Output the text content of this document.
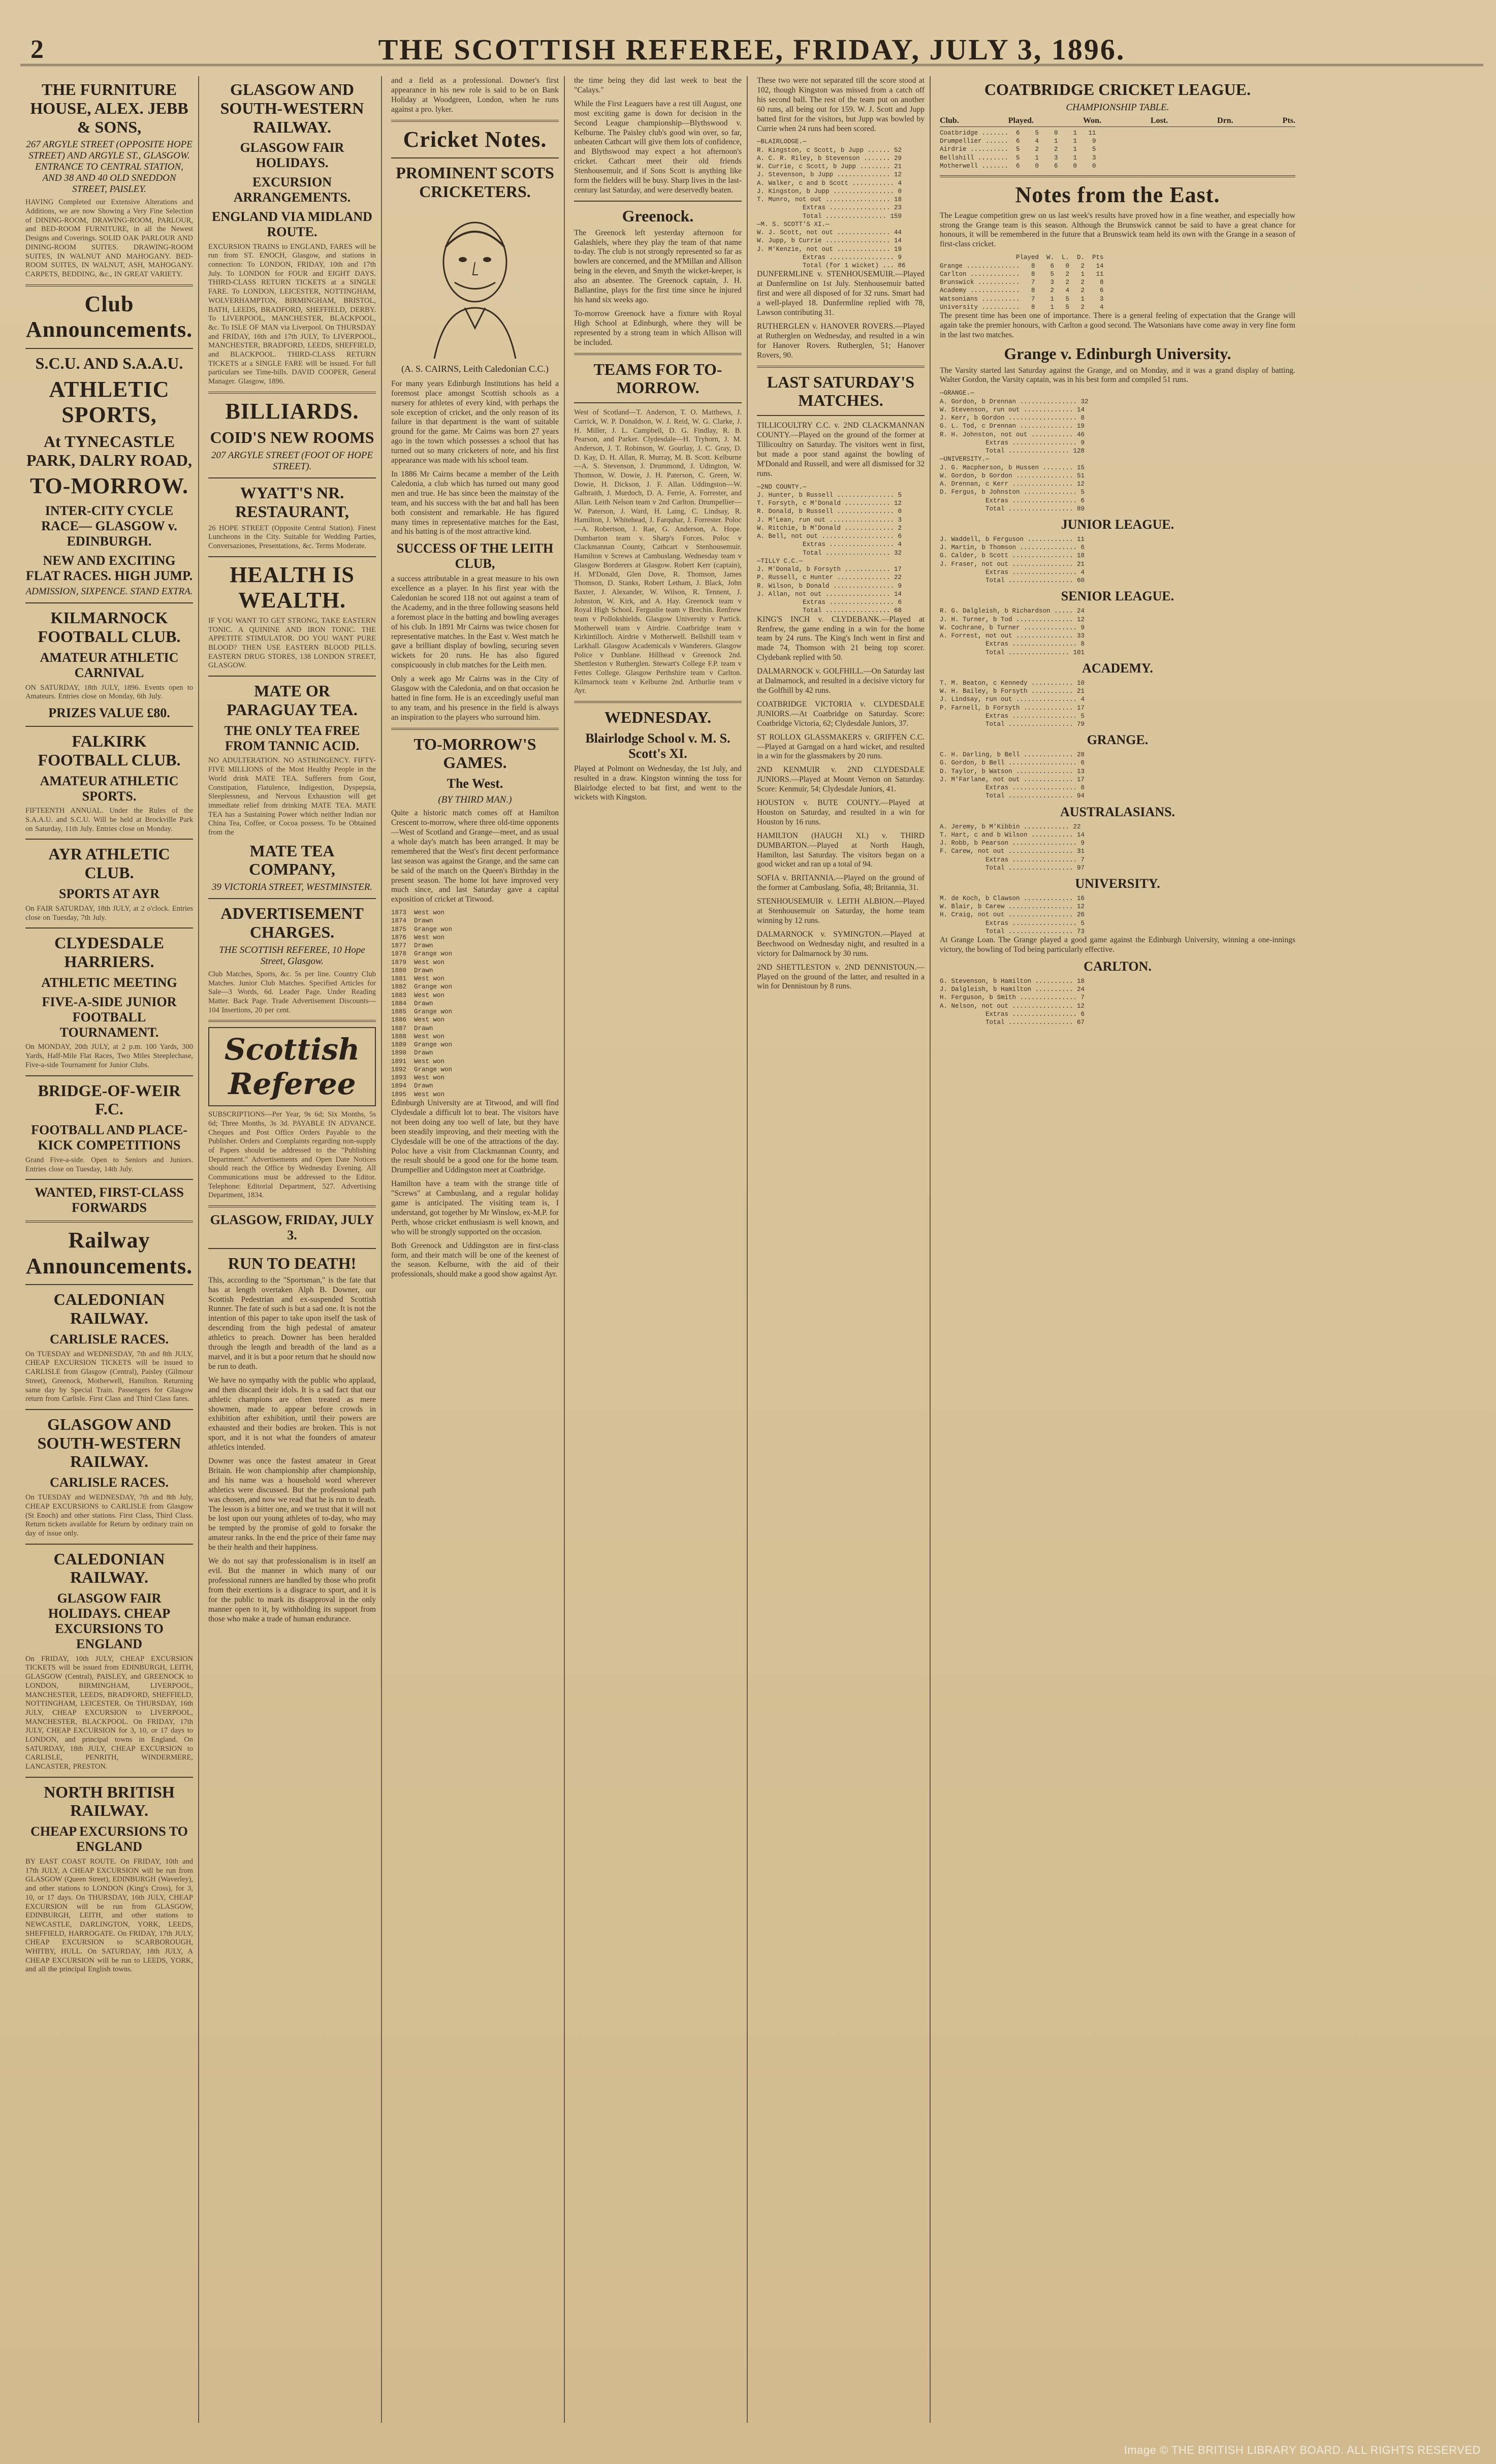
2	THE SCOTTISH REFEREE, FRIDAY, JULY 3, 1896.
THE FURNITURE HOUSE, ALEX. JEBB & SONS,
267 ARGYLE STREET (OPPOSITE HOPE STREET) AND ARGYLE ST., GLASGOW. ENTRANCE TO CENTRAL STATION, AND 38 AND 40 OLD SNEDDON STREET, PAISLEY.
HAVING Completed our Extensive Alterations and Additions, we are now Showing a Very Fine Selection of DINING-ROOM, DRAWING-ROOM, PARLOUR, and BED-ROOM FURNITURE, in all the Newest Designs and Coverings. SOLID OAK PARLOUR AND DINING-ROOM SUITES. DRAWING-ROOM SUITES, IN WALNUT AND MAHOGANY. BED-ROOM SUITES, IN WALNUT, ASH, MAHOGANY. CARPETS, BEDDING, &c., IN GREAT VARIETY.
Club Announcements.
S.C.U. AND S.A.A.U.
ATHLETIC SPORTS,
At TYNECASTLE PARK, DALRY ROAD,
TO-MORROW.
INTER-CITY CYCLE RACE— GLASGOW v. EDINBURGH.
NEW AND EXCITING FLAT RACES. HIGH JUMP.
ADMISSION, SIXPENCE. STAND EXTRA.
KILMARNOCK FOOTBALL CLUB.
AMATEUR ATHLETIC CARNIVAL
ON SATURDAY, 18th JULY, 1896. Events open to Amateurs. Entries close on Monday, 6th July.
PRIZES VALUE £80.
FALKIRK FOOTBALL CLUB.
AMATEUR ATHLETIC SPORTS.
FIFTEENTH ANNUAL. Under the Rules of the S.A.A.U. and S.C.U. Will be held at Brockville Park on Saturday, 11th July. Entries close on Monday.
AYR ATHLETIC CLUB.
SPORTS AT AYR
On FAIR SATURDAY, 18th JULY, at 2 o'clock. Entries close on Tuesday, 7th July.
CLYDESDALE HARRIERS.
ATHLETIC MEETING
FIVE-A-SIDE JUNIOR FOOTBALL TOURNAMENT.
On MONDAY, 20th JULY, at 2 p.m. 100 Yards, 300 Yards, Half-Mile Flat Races, Two Miles Steeplechase, Five-a-side Tournament for Junior Clubs.
BRIDGE-OF-WEIR F.C.
FOOTBALL AND PLACE-KICK COMPETITIONS
Grand Five-a-side. Open to Seniors and Juniors. Entries close on Tuesday, 14th July.
WANTED, FIRST-CLASS FORWARDS
Railway Announcements.
CALEDONIAN RAILWAY.
CARLISLE RACES.
On TUESDAY and WEDNESDAY, 7th and 8th JULY, CHEAP EXCURSION TICKETS will be issued to CARLISLE from Glasgow (Central), Paisley (Gilmour Street), Greenock, Motherwell, Hamilton. Returning same day by Special Train. Passengers for Glasgow return from Carlisle. First Class and Third Class fares.
GLASGOW AND SOUTH-WESTERN RAILWAY.
CARLISLE RACES.
On TUESDAY and WEDNESDAY, 7th and 8th July, CHEAP EXCURSIONS to CARLISLE from Glasgow (St Enoch) and other stations. First Class, Third Class. Return tickets available for Return by ordinary train on day of issue only.
CALEDONIAN RAILWAY.
GLASGOW FAIR HOLIDAYS. CHEAP EXCURSIONS TO ENGLAND
On FRIDAY, 10th JULY, CHEAP EXCURSION TICKETS will be issued from EDINBURGH, LEITH, GLASGOW (Central), PAISLEY, and GREENOCK to LONDON, BIRMINGHAM, LIVERPOOL, MANCHESTER, LEEDS, BRADFORD, SHEFFIELD, NOTTINGHAM, LEICESTER. On THURSDAY, 16th JULY, CHEAP EXCURSION to LIVERPOOL, MANCHESTER, BLACKPOOL. On FRIDAY, 17th JULY, CHEAP EXCURSION for 3, 10, or 17 days to LONDON, and principal towns in England. On SATURDAY, 18th JULY, CHEAP EXCURSION to CARLISLE, PENRITH, WINDERMERE, LANCASTER, PRESTON.
NORTH BRITISH RAILWAY.
CHEAP EXCURSIONS TO ENGLAND
BY EAST COAST ROUTE. On FRIDAY, 10th and 17th JULY, A CHEAP EXCURSION will be run from GLASGOW (Queen Street), EDINBURGH (Waverley), and other stations to LONDON (King's Cross), for 3, 10, or 17 days. On THURSDAY, 16th JULY, CHEAP EXCURSION will be run from GLASGOW, EDINBURGH, LEITH, and other stations to NEWCASTLE, DARLINGTON, YORK, LEEDS, SHEFFIELD, HARROGATE. On FRIDAY, 17th JULY, CHEAP EXCURSION to SCARBOROUGH, WHITBY, HULL. On SATURDAY, 18th JULY, A CHEAP EXCURSION will be run to LEEDS, YORK, and all the principal English towns.
GLASGOW AND SOUTH-WESTERN RAILWAY.
GLASGOW FAIR HOLIDAYS.
EXCURSION ARRANGEMENTS.
ENGLAND VIA MIDLAND ROUTE.
EXCURSION TRAINS to ENGLAND, FARES will be run from ST. ENOCH, Glasgow, and stations in connection: To LONDON, FRIDAY, 10th and 17th July. To LONDON for FOUR and EIGHT DAYS. THIRD-CLASS RETURN TICKETS at a SINGLE FARE. To LONDON, LEICESTER, NOTTINGHAM, WOLVERHAMPTON, BIRMINGHAM, BRISTOL, BATH, LEEDS, BRADFORD, SHEFFIELD, DERBY. To LIVERPOOL, MANCHESTER, BLACKPOOL, &c. To ISLE OF MAN via Liverpool. On THURSDAY and FRIDAY, 16th and 17th JULY, To LIVERPOOL, MANCHESTER, BRADFORD, LEEDS, SHEFFIELD, and BLACKPOOL. THIRD-CLASS RETURN TICKETS at a SINGLE FARE will be issued. For full particulars see Time-bills. DAVID COOPER, General Manager. Glasgow, 1896.
BILLIARDS.
COID'S NEW ROOMS
207 ARGYLE STREET (FOOT OF HOPE STREET).
WYATT'S NR. RESTAURANT,
26 HOPE STREET (Opposite Central Station). Finest Luncheons in the City. Suitable for Wedding Parties, Conversaziones, Presentations, &c. Terms Moderate.
HEALTH IS WEALTH.
IF YOU WANT TO GET STRONG, TAKE EASTERN TONIC. A QUININE AND IRON TONIC. THE APPETITE STIMULATOR. DO YOU WANT PURE BLOOD? THEN USE EASTERN BLOOD PILLS. EASTERN DRUG STORES, 138 LONDON STREET, GLASGOW.
MATE OR PARAGUAY TEA.
THE ONLY TEA FREE FROM TANNIC ACID.
NO ADULTERATION. NO ASTRINGENCY. FIFTY-FIVE MILLIONS of the Most Healthy People in the World drink MATE TEA. Sufferers from Gout, Constipation, Flatulence, Indigestion, Dyspepsia, Sleeplessness, and Nervous Exhaustion will get immediate relief from drinking MATE TEA. MATE TEA has a Sustaining Power which neither Indian nor China Tea, Coffee, or Cocoa possess. To be Obtained from the
MATE TEA COMPANY,
39 VICTORIA STREET, WESTMINSTER.
ADVERTISEMENT CHARGES.
THE SCOTTISH REFEREE, 10 Hope Street, Glasgow.
Club Matches, Sports, &c. 5s per line. Country Club Matches. Junior Club Matches. Specified Articles for Sale—3 Words, 6d. Leader Page. Under Reading Matter. Back Page. Trade Advertisement Discounts—104 Insertions, 20 per cent.
Scottish Referee
SUBSCRIPTIONS—Per Year, 9s 6d; Six Months, 5s 6d; Three Months, 3s 3d. PAYABLE IN ADVANCE. Cheques and Post Office Orders Payable to the Publisher. Orders and Complaints regarding non-supply of Papers should be addressed to the "Publishing Department." Advertisements and Open Date Notices should reach the Office by Wednesday Evening. All Communications must be addressed to the Editor. Telephone: Editorial Department, 527. Advertising Department, 1834.
GLASGOW, FRIDAY, JULY 3.
RUN TO DEATH!
This, according to the "Sportsman," is the fate that has at length overtaken Alph B. Downer, our Scottish Pedestrian and ex-suspended Scottish Runner. The fate of such is but a sad one. It is not the intention of this paper to take upon itself the task of descending from the high pedestal of amateur athletics to preach. Downer has been heralded through the length and breadth of the land as a marvel, and it is but a poor return that he should now be run to death.
We have no sympathy with the public who applaud, and then discard their idols. It is a sad fact that our athletic champions are often treated as mere showmen, made to appear before crowds in exhibition after exhibition, until their powers are exhausted and their bodies are broken. This is not sport, and it is not what the founders of amateur athletics intended.
Downer was once the fastest amateur in Great Britain. He won championship after championship, and his name was a household word wherever athletics were discussed. But the professional path was chosen, and now we read that he is run to death. The lesson is a bitter one, and we trust that it will not be lost upon our young athletes of to-day, who may be tempted by the promise of gold to forsake the amateur ranks. In the end the price of their fame may be their health and their happiness.
We do not say that professionalism is in itself an evil. But the manner in which many of our professional runners are handled by those who profit from their exertions is a disgrace to sport, and it is for the public to mark its disapproval in the only manner open to it, by withholding its support from those who make a trade of human endurance.
and a field as a professional. Downer's first appearance in his new role is said to be on Bank Holiday at Woodgreen, London, when he runs against a pro. lyker.
Cricket Notes.
PROMINENT SCOTS CRICKETERS.
(A. S. CAIRNS, Leith Caledonian C.C.)
For many years Edinburgh Institutions has held a foremost place amongst Scottish schools as a nursery for athletes of every kind, with perhaps the sole exception of cricket, and the only reason of its failure in that department is the want of suitable ground for the game. Mr Cairns was born 27 years ago in the town which possesses a school that has turned out so many cricketers of note, and his first appearance was made with his school team.
In 1886 Mr Cairns became a member of the Leith Caledonia, a club which has turned out many good men and true. He has since been the mainstay of the team, and his success with the bat and ball has been both consistent and remarkable. He has figured many times in representative matches for the East, and his batting is of the most attractive kind.
SUCCESS OF THE LEITH CLUB,
a success attributable in a great measure to his own excellence as a player. In his first year with the Caledonian he scored 118 not out against a team of the Academy, and in the three following seasons held a foremost place in the batting and bowling averages of his club. In 1891 Mr Cairns was twice chosen for representative matches. In the East v. West match he gave a brilliant display of bowling, securing seven wickets for 20 runs. He has also figured conspicuously in club matches for the Leith men.
Only a week ago Mr Cairns was in the City of Glasgow with the Caledonia, and on that occasion he batted in fine form. He is an exceedingly useful man to any team, and his presence in the field is always an inspiration to the players who surround him.
TO-MORROW'S GAMES.
The West.
(BY THIRD MAN.)
Quite a historic match comes off at Hamilton Crescent to-morrow, where three old-time opponents—West of Scotland and Grange—meet, and as usual a whole day's match has been arranged. It may be remembered that the West's first decent performance last season was against the Grange, and the same can be said of the match on the Queen's Birthday in the present season. The home lot have improved very much since, and last Saturday gave a capital exposition of cricket at Titwood.
1873  West won
1874  Drawn
1875  Grange won
1876  West won
1877  Drawn
1878  Grange won
1879  West won
1880  Drawn
1881  West won
1882  Grange won
1883  West won
1884  Drawn
1885  Grange won
1886  West won
1887  Drawn
1888  West won
1889  Grange won
1890  Drawn
1891  West won
1892  Grange won
1893  West won
1894  Drawn
1895  West won
Edinburgh University are at Titwood, and will find Clydesdale a difficult lot to beat. The visitors have not been doing any too well of late, but they have been steadily improving, and their meeting with the Clydesdale will be one of the attractions of the day. Poloc have a visit from Clackmannan County, and the result should be a good one for the home team. Drumpellier and Uddingston meet at Coatbridge.
Hamilton have a team with the strange title of "Screws" at Cambuslang, and a regular holiday game is anticipated. The visiting team is, I understand, got together by Mr Winslow, ex-M.P. for Perth, whose cricket enthusiasm is well known, and who will be strongly supported on the occasion.
Both Greenock and Uddingston are in first-class form, and their match will be one of the keenest of the season. Kelburne, with the aid of their professionals, should make a good show against Ayr.
the time being they did last week to beat the "Calays."
While the First Leaguers have a rest till August, one most exciting game is down for decision in the Second League championship—Blythswood v. Kelburne. The Paisley club's good win over, so far, unbeaten Cathcart will give them lots of confidence, and Blythswood may expect a hot afternoon's cricket. Cathcart meet their old friends Stenhousemuir, and if Sons Scott is anything like form the fielders will be busy. Sharp lives in the last-century last Saturday, and were deservedly beaten.
Greenock.
The Greenock left yesterday afternoon for Galashiels, where they play the team of that name to-day. The club is not strongly represented so far as bowlers are concerned, and the M'Millan and Allison being in the eleven, and Smyth the wicket-keeper, is also an absentee. The Greenock captain, J. H. Ballantine, plays for the first time since he injured his hand six weeks ago.
To-morrow Greenock have a fixture with Royal High School at Edinburgh, where they will be represented by a strong team in which Allison will be included.
TEAMS FOR TO-MORROW.
West of Scotland—T. Anderson, T. O. Matthews, J. Carrick, W. P. Donaldson, W. J. Reid, W. G. Clarke, J. H. Miller, J. L. Campbell, D. G. Findlay, R. B. Pearson, and Parker. Clydesdale—H. Tryhorn, J. M. Anderson, J. T. Robinson, W. Gourlay, J. C. Gray, D. D. Kay, D. H. Allan, R. Murray, M. B. Scott. Kelburne—A. S. Stevenson, J. Drummond, J. Udington, W. Thomson, W. Dowie, J. H. Paterson, C. Green, W. Dowie, H. Dickson, J. F. Allan. Uddingston—W. Galbraith, J. Murdoch, D. A. Ferrie, A. Forrester, and Allan. Leith Nelson team v 2nd Carlton. Drumpellier—W. Paterson, J. Ward, H. Laing, C. Lindsay, R. Hamilton, J. Whitehead, J. Farquhar, J. Forrester. Poloc—A. Robertson, J. Rae, G. Anderson, A. Hope. Dumbarton team v. Sharp's Forces. Poloc v Clackmannan County, Cathcart v Stenhousemuir. Hamilton v Screws at Cambuslang. Wednesday team v Glasgow Borderers at Glasgow. Robert Kerr (captain), H. M'Donald, Glen Dove, R. Thomson, James Thomson, D. Stanks, Robert Letham, J. Black, John Baxter, J. Alexander, W. Wilson, R. Tennent, J. Johnston, W. Kirk, and A. Hay. Greenock team v Royal High School. Ferguslie team v Brechin. Renfrew team v Pollokshields. Glasgow University v Partick. Motherwell team v Airdrie. Coatbridge team v Kirkintilloch. Airdrie v Motherwell. Bellshill team v Larkhall. Glasgow Academicals v Wanderers. Glasgow Police v Dunblane. Hillhead v Greenock 2nd. Shettleston v Rutherglen. Stewart's College F.P. team v Fettes College. Glasgow Perthshire team v Carlton. Kilmarnock team v Kelburne 2nd. Arthurlie team v Ayr.
WEDNESDAY.
Blairlodge School v. M. S. Scott's XI.
Played at Polmont on Wednesday, the 1st July, and resulted in a draw. Kingston winning the toss for Blairlodge elected to bat first, and went to the wickets with Kingston.
These two were not separated till the score stood at 102, though Kingston was missed from a catch off his second ball. The rest of the team put on another 60 runs, all being out for 159. W. J. Scott and Jupp batted first for the visitors, but Jupp was bowled by Currie when 24 runs had been scored.
—BLAIRLODGE.—
R. Kingston, c Scott, b Jupp ...... 52
A. C. R. Riley, b Stevenson ....... 29
W. Currie, c Scott, b Jupp ........ 21
J. Stevenson, b Jupp .............. 12
A. Walker, c and b Scott ........... 4
J. Kingston, b Jupp ................ 0
T. Munro, not out ................. 18
Extras ................ 23
Total ................ 159
—M. S. SCOTT'S XI.—
W. J. Scott, not out .............. 44
W. Jupp, b Currie ................. 14
J. M'Kenzie, not out .............. 19
Extras ................. 9
Total (for 1 wicket) ... 86
DUNFERMLINE v. STENHOUSEMUIR.—Played at Dunfermline on 1st July. Stenhousemuir batted first and were all disposed of for 32 runs. Smart had a well-played 18. Dunfermline replied with 78, Lawson contributing 31.
RUTHERGLEN v. HANOVER ROVERS.—Played at Rutherglen on Wednesday, and resulted in a win for Hanover Rovers. Rutherglen, 51; Hanover Rovers, 90.
LAST SATURDAY'S MATCHES.
TILLICOULTRY C.C. v. 2ND CLACKMANNAN COUNTY.—Played on the ground of the former at Tillicoultry on Saturday. The visitors went in first, but made a poor stand against the bowling of M'Donald and Russell, and were all dismissed for 32 runs.
—2ND COUNTY.—
J. Hunter, b Russell ............... 5
T. Forsyth, c M'Donald ............ 12
R. Donald, b Russell ............... 0
J. M'Lean, run out ................. 3
W. Ritchie, b M'Donald ............. 2
A. Bell, not out ................... 6
Extras ................. 4
Total ................. 32
—TILLY C.C.—
J. M'Donald, b Forsyth ............ 17
P. Russell, c Hunter .............. 22
R. Wilson, b Donald ................ 9
J. Allan, not out ................. 14
Extras ................. 6
Total ................. 68
KING'S INCH v. CLYDEBANK.—Played at Renfrew, the game ending in a win for the home team by 24 runs. The King's Inch went in first and made 74, Thomson with 21 being top scorer. Clydebank replied with 50.
DALMARNOCK v. GOLFHILL.—On Saturday last at Dalmarnock, and resulted in a decisive victory for the Golfhill by 42 runs.
COATBRIDGE VICTORIA v. CLYDESDALE JUNIORS.—At Coatbridge on Saturday. Score: Coatbridge Victoria, 62; Clydesdale Juniors, 37.
ST ROLLOX GLASSMAKERS v. GRIFFEN C.C.—Played at Garngad on a hard wicket, and resulted in a win for the glassmakers by 20 runs.
2ND KENMUIR v. 2ND CLYDESDALE JUNIORS.—Played at Mount Vernon on Saturday. Score: Kenmuir, 54; Clydesdale Juniors, 41.
HOUSTON v. BUTE COUNTY.—Played at Houston on Saturday, and resulted in a win for Houston by 16 runs.
HAMILTON (HAUGH XI.) v. THIRD DUMBARTON.—Played at North Haugh, Hamilton, last Saturday. The visitors began on a good wicket and ran up a total of 94.
SOFIA v. BRITANNIA.—Played on the ground of the former at Cambuslang. Sofia, 48; Britannia, 31.
STENHOUSEMUIR v. LEITH ALBION.—Played at Stenhousemuir on Saturday, the home team winning by 12 runs.
DALMARNOCK v. SYMINGTON.—Played at Beechwood on Wednesday night, and resulted in a victory for Dalmarnock by 30 runs.
2ND SHETTLESTON v. 2ND DENNISTOUN.—Played on the ground of the latter, and resulted in a win for Dennistoun by 8 runs.
COATBRIDGE CRICKET LEAGUE.
CHAMPIONSHIP TABLE.
Club.	Played.	Won.	Lost.	Drn.	Pts.
Coatbridge .......  6    5    0    1   11
Drumpellier ......  6    4    1    1    9
Airdrie ..........  5    2    2    1    5
Bellshill ........  5    1    3    1    3
Motherwell .......  6    0    6    0    0
Notes from the East.
The League competition grew on us last week's results have proved how in a fine weather, and especially how strong the Grange team is this season. Although the Brunswick cannot be said to have a great chance for honours, it will be remembered in the future that a Brunswick team held its own with the Grange in a season of first-class cricket.
Played  W.  L.  D.  Pts
Grange ..............   8    6   0   2   14
Carlton .............   8    5   2   1   11
Brunswick ...........   7    3   2   2    8
Academy .............   8    2   4   2    6
Watsonians ..........   7    1   5   1    3
University ..........   8    1   5   2    4
The present time has been one of importance. There is a general feeling of expectation that the Grange will again take the premier honours, with Carlton a good second. The Watsonians have come away in very fine form in the last two matches.
Grange v. Edinburgh University.
The Varsity started last Saturday against the Grange, and on Monday, and it was a grand display of batting. Walter Gordon, the Varsity captain, was in his best form and compiled 51 runs.
—GRANGE.—
A. Gordon, b Drennan ............... 32
W. Stevenson, run out ............. 14
J. Kerr, b Gordon .................. 8
G. L. Tod, c Drennan .............. 19
R. H. Johnston, not out ........... 46
Extras ................. 9
Total ................ 128
—UNIVERSITY.—
J. G. Macpherson, b Hussen ........ 15
W. Gordon, b Gordon ............... 51
A. Drennan, c Kerr ................ 12
D. Fergus, b Johnston .............. 5
Extras ................. 6
Total ................. 89
JUNIOR LEAGUE.
J. Waddell, b Ferguson ............ 11
J. Martin, b Thomson ............... 6
G. Calder, b Scott ................ 18
J. Fraser, not out ................ 21
Extras ................. 4
Total ................. 60
SENIOR LEAGUE.
R. G. Dalgleish, b Richardson ..... 24
J. H. Turner, b Tod ............... 12
W. Cochrane, b Turner .............. 9
A. Forrest, not out ............... 33
Extras ................. 8
Total ................ 101
ACADEMY.
T. M. Beaton, c Kennedy ........... 10
W. H. Bailey, b Forsyth ........... 21
J. Lindsay, run out ................ 4
P. Farnell, b Forsyth ............. 17
Extras ................. 5
Total ................. 79
GRANGE.
C. H. Darling, b Bell ............. 28
G. Gordon, b Bell .................. 6
D. Taylor, b Watson ............... 13
J. M'Farlane, not out ............. 17
Extras ................. 8
Total ................. 94
AUSTRALASIANS.
A. Jeremy, b M'Kibbin ............ 22
T. Hart, c and b Wilson ........... 14
J. Robb, b Pearson ................. 9
F. Carew, not out ................. 31
Extras ................. 7
Total ................. 97
UNIVERSITY.
M. de Koch, b Clawson ............. 16
W. Blair, b Carew ................. 12
H. Craig, not out ................. 26
Extras ................. 5
Total ................. 73
At Grange Loan. The Grange played a good game against the Edinburgh University, winning a one-innings victory, the bowling of Tod being particularly effective.
CARLTON.
G. Stevenson, b Hamilton .......... 18
J. Dalgleish, b Hamilton .......... 24
H. Ferguson, b Smith ............... 7
A. Nelson, not out ................ 12
Extras ................. 6
Total ................. 67
Image © THE BRITISH LIBRARY BOARD. ALL RIGHTS RESERVED
